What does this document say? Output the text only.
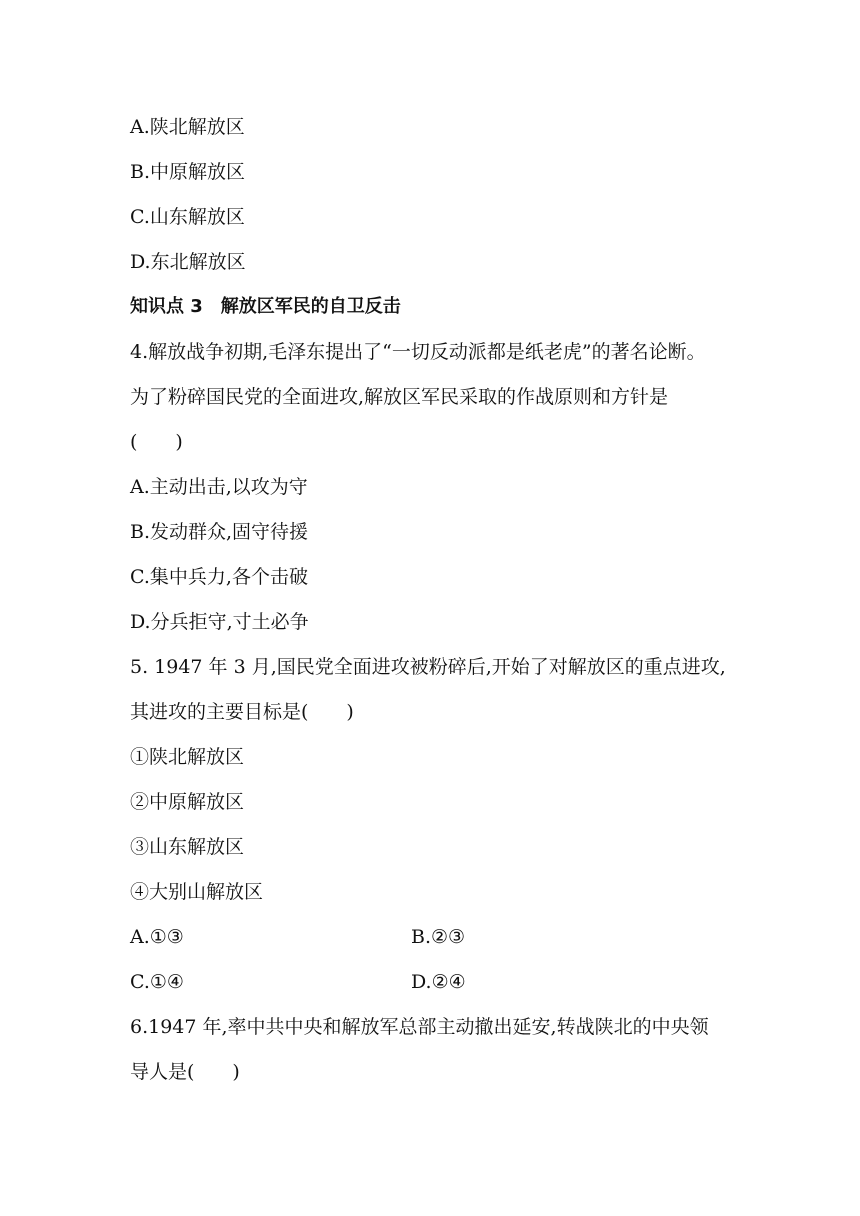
A.陕北解放区
B.中原解放区
C.山东解放区
D.东北解放区
知识点 3　解放区军民的自卫反击
4.解放战争初期,毛泽东提出了“一切反动派都是纸老虎”的著名论断。
为了粉碎国民党的全面进攻,解放区军民采取的作战原则和方针是
(　　)
A.主动出击,以攻为守
B.发动群众,固守待援
C.集中兵力,各个击破
D.分兵拒守,寸土必争
5. 1947 年 3 月,国民党全面进攻被粉碎后,开始了对解放区的重点进攻,
其进攻的主要目标是(　　)
①陕北解放区
②中原解放区
③山东解放区
④大别山解放区
A.①③	B.②③
C.①④	D.②④
6.1947 年,率中共中央和解放军总部主动撤出延安,转战陕北的中央领
导人是(　　)
